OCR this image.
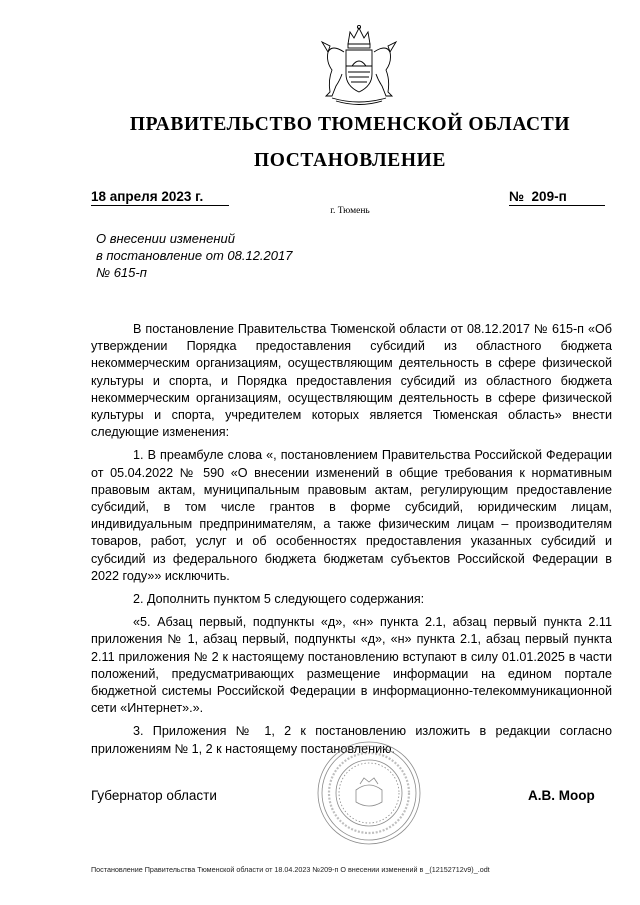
ПРАВИТЕЛЬСТВО ТЮМЕНСКОЙ ОБЛАСТИ
ПОСТАНОВЛЕНИЕ
18 апреля 2023 г.	№  209-п
г. Тюмень
О внесении изменений
в постановление от 08.12.2017
№ 615-п

В постановление Правительства Тюменской области от 08.12.2017 № 615-п «Об утверждении Порядка предоставления субсидий из областного бюджета некоммерческим организациям, осуществляющим деятельность в сфере физической культуры и спорта, и Порядка предоставления субсидий из областного бюджета некоммерческим организациям, осуществляющим деятельность в сфере физической культуры и спорта, учредителем которых является Тюменская область» внести следующие изменения:

1. В преамбуле слова «, постановлением Правительства Российской Федерации от 05.04.2022 № 590 «О внесении изменений в общие требования к нормативным правовым актам, муниципальным правовым актам, регулирующим предоставление субсидий, в том числе грантов в форме субсидий, юридическим лицам, индивидуальным предпринимателям, а также физическим лицам – производителям товаров, работ, услуг и об особенностях предоставления указанных субсидий и субсидий из федерального бюджета бюджетам субъектов Российской Федерации в 2022 году»» исключить.

2. Дополнить пунктом 5 следующего содержания:

«5. Абзац первый, подпункты «д», «н» пункта 2.1, абзац первый пункта 2.11 приложения № 1, абзац первый, подпункты «д», «н» пункта 2.1, абзац первый пункта 2.11 приложения № 2 к настоящему постановлению вступают в силу 01.01.2025 в части положений, предусматривающих размещение информации на едином портале бюджетной системы Российской Федерации в информационно-телекоммуникационной сети «Интернет».».

3. Приложения № 1, 2 к постановлению изложить в редакции согласно приложениям № 1, 2 к настоящему постановлению.

Губернатор области	А.В. Моор
Постановление Правительства Тюменской области от 18.04.2023 №209-п О внесении изменений в _(12152712v9)_.odt
